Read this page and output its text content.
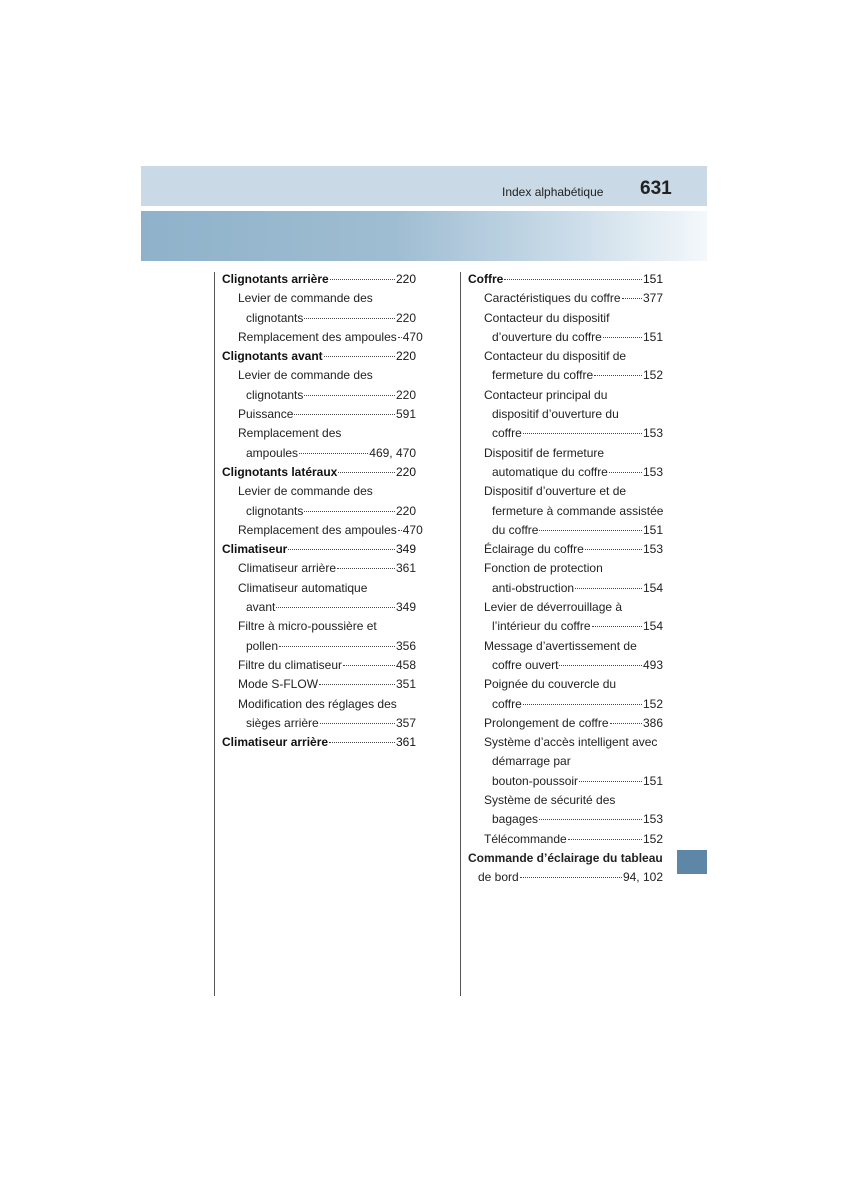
Index alphabétique 631
Clignotants arrière	220
Levier de commande des
clignotants	220
Remplacement des ampoules 470
Clignotants avant	220
Levier de commande des
clignotants	220
Puissance	591
Remplacement des
ampoules	469, 470
Clignotants latéraux	220
Levier de commande des
clignotants	220
Remplacement des ampoules 470
Climatiseur	349
Climatiseur arrière	361
Climatiseur automatique
avant	349
Filtre à micro-poussière et
pollen	356
Filtre du climatiseur	458
Mode S-FLOW	351
Modification des réglages des
sièges arrière	357
Climatiseur arrière	361
Coffre	151
Caractéristiques du coffre 377
Contacteur du dispositif
d’ouverture du coffre	151
Contacteur du dispositif de
fermeture du coffre	152
Contacteur principal du
dispositif d’ouverture du
coffre	153
Dispositif de fermeture
automatique du coffre	153
Dispositif d’ouverture et de
fermeture à commande assistée
du coffre	151
Éclairage du coffre	153
Fonction de protection
anti-obstruction	154
Levier de déverrouillage à
l’intérieur du coffre	154
Message d’avertissement de
coffre ouvert	493
Poignée du couvercle du
coffre	152
Prolongement de coffre	386
Système d’accès intelligent avec
démarrage par
bouton-poussoir	151
Système de sécurité des
bagages	153
Télécommande	152
Commande d’éclairage du tableau
de bord	94, 102
